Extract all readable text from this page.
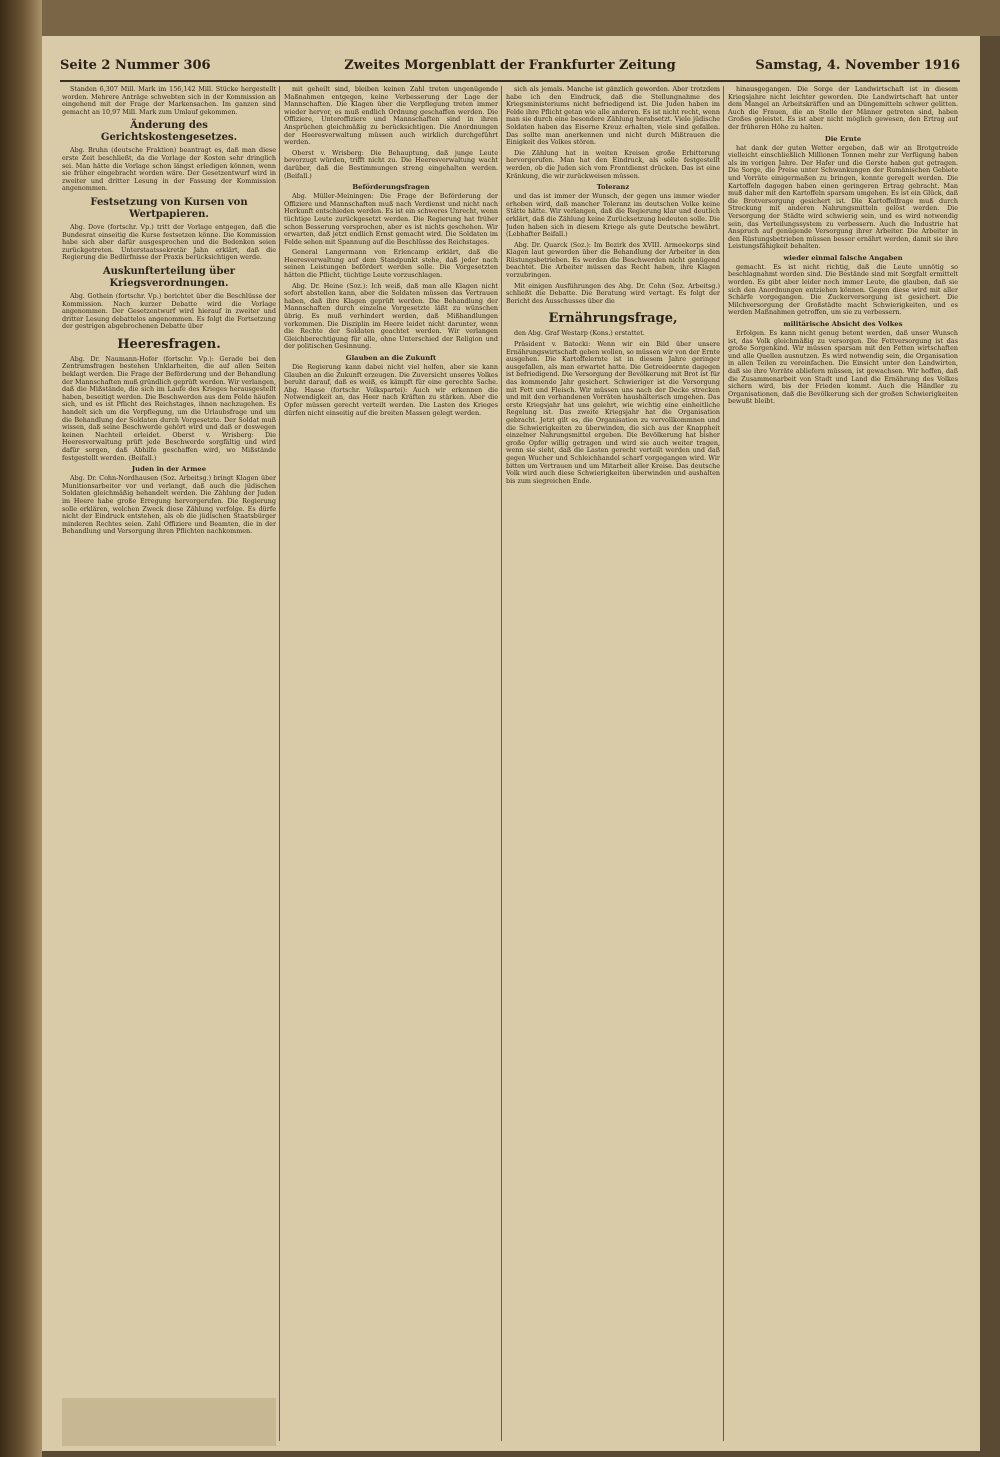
Seite 2 Nummer 306	Zweites Morgenblatt der Frankfurter Zeitung	Samstag, 4. November 1916

Standen 6,307 Mill. Mark im 156,142 Mill. Stücke hergestellt worden. Mehrere Anträge schwebten sich in der Kommission an eingehend mit der Frage der Markensachen. Im ganzen sind gemacht an 10,97 Mill. Mark zum Umlauf gekommen.

Änderung des Gerichtskostengesetzes.

Abg. Bruhn (deutsche Fraktion) beantragt es, daß man diese erste Zeit beschließt, da die Vorlage der Kosten sehr dringlich sei. Man hätte die Vorlage schon längst erledigen können, wenn sie früher eingebracht worden wäre. Der Gesetzentwurf wird in zweiter und dritter Lesung in der Fassung der Kommission angenommen.

Festsetzung von Kursen von Wertpapieren.

Abg. Dove (fortschr. Vp.) tritt der Vorlage entgegen, daß die Bundesrat einseitig die Kurse festsetzen könne. Die Kommission habe sich aber dafür ausgesprochen und die Bedenken seien zurückgetreten. Unterstaatssekretär Jahn erklärt, daß die Regierung die Bedürfnisse der Praxis berücksichtigen werde.

Auskunfterteilung über Kriegsverordnungen.

Abg. Gothein (fortschr. Vp.) berichtet über die Beschlüsse der Kommission. Nach kurzer Debatte wird die Vorlage angenommen. Der Gesetzentwurf wird hierauf in zweiter und dritter Lesung debattelos angenommen. Es folgt die Fortsetzung der gestrigen abgebrochenen Debatte über

Heeresfragen.

Abg. Dr. Naumann-Hofer (fortschr. Vp.): Gerade bei den Zentrumsfragen bestehen Unklarheiten, die auf allen Seiten beklagt werden. Die Frage der Beförderung und der Behandlung der Mannschaften muß gründlich geprüft werden. Wir verlangen, daß die Mißstände, die sich im Laufe des Krieges herausgestellt haben, beseitigt werden. Die Beschwerden aus dem Felde häufen sich, und es ist Pflicht des Reichstages, ihnen nachzugehen. Es handelt sich um die Verpflegung, um die Urlaubsfrage und um die Behandlung der Soldaten durch Vorgesetzte. Der Soldat muß wissen, daß seine Beschwerde gehört wird und daß er deswegen keinen Nachteil erleidet. Oberst v. Wrisberg: Die Heeresverwaltung prüft jede Beschwerde sorgfältig und wird dafür sorgen, daß Abhilfe geschaffen wird, wo Mißstände festgestellt werden. (Beifall.)

Juden in der Armee

Abg. Dr. Cohn-Nordhausen (Soz. Arbeitsg.) bringt Klagen über Munitionsarbeiter vor und verlangt, daß auch die jüdischen Soldaten gleichmäßig behandelt werden. Die Zählung der Juden im Heere habe große Erregung hervorgerufen. Die Regierung solle erklären, welchen Zweck diese Zählung verfolge. Es dürfe nicht der Eindruck entstehen, als ob die jüdischen Staatsbürger minderen Rechtes seien. Zahl Offiziere und Beamten, die in der Behandlung und Versorgung ihren Pflichten nachkommen.

mit geheilt sind, bleiben keinen Zahl treten ungenügende Maßnahmen entgegen, keine Verbesserung der Lage der Mannschaften. Die Klagen über die Verpflegung treten immer wieder hervor, es muß endlich Ordnung geschaffen werden. Die Offiziere, Unteroffiziere und Mannschaften sind in ihren Ansprüchen gleichmäßig zu berücksichtigen. Die Anordnungen der Heeresverwaltung müssen auch wirklich durchgeführt werden.

Oberst v. Wrisberg: Die Behauptung, daß junge Leute bevorzugt würden, trifft nicht zu. Die Heeresverwaltung wacht darüber, daß die Bestimmungen streng eingehalten werden. (Beifall.)

Beförderungsfragen

Abg. Müller-Meiningen: Die Frage der Beförderung der Offiziere und Mannschaften muß nach Verdienst und nicht nach Herkunft entschieden werden. Es ist ein schweres Unrecht, wenn tüchtige Leute zurückgesetzt werden. Die Regierung hat früher schon Besserung versprochen, aber es ist nichts geschehen. Wir erwarten, daß jetzt endlich Ernst gemacht wird. Die Soldaten im Felde sehen mit Spannung auf die Beschlüsse des Reichstages.

General Langermann von Erlencamp erklärt, daß die Heeresverwaltung auf dem Standpunkt stehe, daß jeder nach seinen Leistungen befördert werden solle. Die Vorgesetzten hätten die Pflicht, tüchtige Leute vorzuschlagen.

Abg. Dr. Heine (Soz.): Ich weiß, daß man alle Klagen nicht sofort abstellen kann, aber die Soldaten müssen das Vertrauen haben, daß ihre Klagen geprüft werden. Die Behandlung der Mannschaften durch einzelne Vorgesetzte läßt zu wünschen übrig. Es muß verhindert werden, daß Mißhandlungen vorkommen. Die Disziplin im Heere leidet nicht darunter, wenn die Rechte der Soldaten geachtet werden. Wir verlangen Gleichberechtigung für alle, ohne Unterschied der Religion und der politischen Gesinnung.

Glauben an die Zukunft

Die Regierung kann dabei nicht viel helfen, aber sie kann Glauben an die Zukunft erzeugen. Die Zuversicht unseres Volkes beruht darauf, daß es weiß, es kämpft für eine gerechte Sache. Abg. Haase (fortschr. Volkspartei): Auch wir erkennen die Notwendigkeit an, das Heer nach Kräften zu stärken. Aber die Opfer müssen gerecht verteilt werden. Die Lasten des Krieges dürfen nicht einseitig auf die breiten Massen gelegt werden.

sich als jemals. Manche ist gänzlich geworden. Aber trotzdem habe ich den Eindruck, daß die Stellungnahme des Kriegsministeriums nicht befriedigend ist. Die Juden haben im Felde ihre Pflicht getan wie alle anderen. Es ist nicht recht, wenn man sie durch eine besondere Zählung herabsetzt. Viele jüdische Soldaten haben das Eiserne Kreuz erhalten, viele sind gefallen. Das sollte man anerkennen und nicht durch Mißtrauen die Einigkeit des Volkes stören.

Die Zählung hat in weiten Kreisen große Erbitterung hervorgerufen. Man hat den Eindruck, als solle festgestellt werden, ob die Juden sich vom Frontdienst drücken. Das ist eine Kränkung, die wir zurückweisen müssen.

Toleranz

und das ist immer der Wunsch, der gegen uns immer wieder erhoben wird, daß mancher Toleranz im deutschen Volke keine Stätte hätte. Wir verlangen, daß die Regierung klar und deutlich erklärt, daß die Zählung keine Zurücksetzung bedeuten solle. Die Juden haben sich in diesem Kriege als gute Deutsche bewährt. (Lebhafter Beifall.)

Abg. Dr. Quarck (Soz.): Im Bezirk des XVIII. Armeekorps sind Klagen laut geworden über die Behandlung der Arbeiter in den Rüstungsbetrieben. Es werden die Beschwerden nicht genügend beachtet. Die Arbeiter müssen das Recht haben, ihre Klagen vorzubringen.

Mit einigen Ausführungen des Abg. Dr. Cohn (Soz. Arbeitsg.) schließt die Debatte. Die Beratung wird vertagt. Es folgt der Bericht des Ausschusses über die

Ernährungsfrage,

den Abg. Graf Westarp (Kons.) erstattet.

Präsident v. Batocki: Wenn wir ein Bild über unsere Ernährungswirtschaft geben wollen, so müssen wir von der Ernte ausgehen. Die Kartoffelernte ist in diesem Jahre geringer ausgefallen, als man erwartet hatte. Die Getreideernte dagegen ist befriedigend. Die Versorgung der Bevölkerung mit Brot ist für das kommende Jahr gesichert. Schwieriger ist die Versorgung mit Fett und Fleisch. Wir müssen uns nach der Decke strecken und mit den vorhandenen Vorräten haushälterisch umgehen. Das erste Kriegsjahr hat uns gelehrt, wie wichtig eine einheitliche Regelung ist. Das zweite Kriegsjahr hat die Organisation gebracht. Jetzt gilt es, die Organisation zu vervollkommnen und die Schwierigkeiten zu überwinden, die sich aus der Knappheit einzelner Nahrungsmittel ergeben. Die Bevölkerung hat bisher große Opfer willig getragen und wird sie auch weiter tragen, wenn sie sieht, daß die Lasten gerecht verteilt werden und daß gegen Wucher und Schleichhandel scharf vorgegangen wird. Wir bitten um Vertrauen und um Mitarbeit aller Kreise. Das deutsche Volk wird auch diese Schwierigkeiten überwinden und aushalten bis zum siegreichen Ende.

hinausgegangen. Die Sorge der Landwirtschaft ist in diesem Kriegsjahre nicht leichter geworden. Die Landwirtschaft hat unter dem Mangel an Arbeitskräften und an Düngemitteln schwer gelitten. Auch die Frauen, die an Stelle der Männer getreten sind, haben Großes geleistet. Es ist aber nicht möglich gewesen, den Ertrag auf der früheren Höhe zu halten.

Die Ernte

hat dank der guten Wetter ergeben, daß wir an Brotgetreide vielleicht einschließlich Millionen Tonnen mehr zur Verfügung haben als im vorigen Jahre. Der Hafer und die Gerste haben gut getragen. Die Sorge, die Preise unter Schwankungen der Rumänischen Gebiete und Vorräte einigermaßen zu bringen, konnte geregelt werden. Die Kartoffeln dagegen haben einen geringeren Ertrag gebracht. Man muß daher mit den Kartoffeln sparsam umgehen. Es ist ein Glück, daß die Brotversorgung gesichert ist. Die Kartoffelfrage muß durch Streckung mit anderen Nahrungsmitteln gelöst werden. Die Versorgung der Städte wird schwierig sein, und es wird notwendig sein, das Verteilungssystem zu verbessern. Auch die Industrie hat Anspruch auf genügende Versorgung ihrer Arbeiter. Die Arbeiter in den Rüstungsbetrieben müssen besser ernährt werden, damit sie ihre Leistungsfähigkeit behalten.

wieder einmal falsche Angaben

gemacht. Es ist nicht richtig, daß die Leute unnötig so beschlagnahmt worden sind. Die Bestände sind mit Sorgfalt ermittelt worden. Es gibt aber leider noch immer Leute, die glauben, daß sie sich den Anordnungen entziehen können. Gegen diese wird mit aller Schärfe vorgegangen. Die Zuckerversorgung ist gesichert. Die Milchversorgung der Großstädte macht Schwierigkeiten, und es werden Maßnahmen getroffen, um sie zu verbessern.

militärische Absicht des Volkes

Erfolgen. Es kann nicht genug betont werden, daß unser Wunsch ist, das Volk gleichmäßig zu versorgen. Die Fettversorgung ist das große Sorgenkind. Wir müssen sparsam mit den Fetten wirtschaften und alle Quellen ausnutzen. Es wird notwendig sein, die Organisation in allen Teilen zu vereinfachen. Die Einsicht unter den Landwirten, daß sie ihre Vorräte abliefern müssen, ist gewachsen. Wir hoffen, daß die Zusammenarbeit von Stadt und Land die Ernährung des Volkes sichern wird, bis der Frieden kommt. Auch die Händler zu Organisationen, daß die Bevölkerung sich der großen Schwierigkeiten bewußt bleibt.
